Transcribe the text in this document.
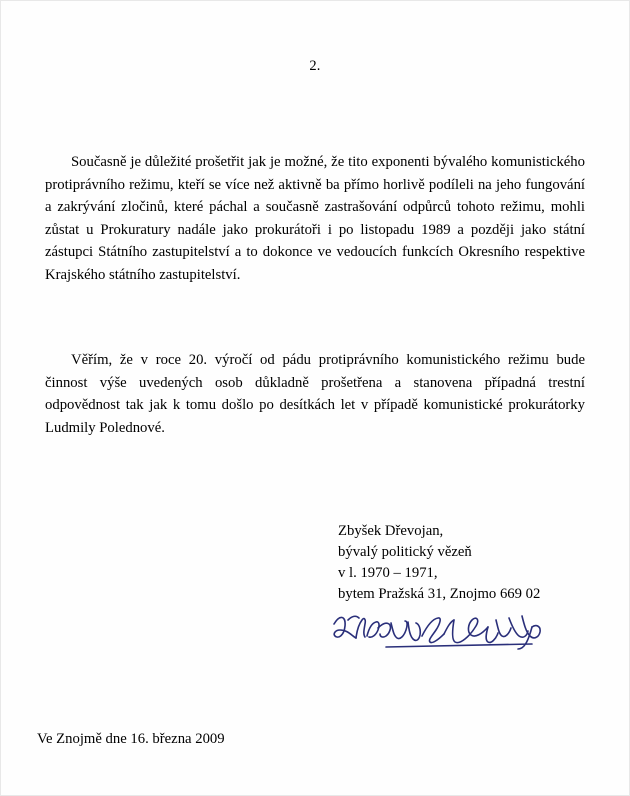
2.
Současně je důležité prošetřit jak je možné, že tito exponenti bývalého komunistického protiprávního režimu, kteří se více než aktivně ba přímo horlivě podíleli na jeho fungování a zakrývání zločinů, které páchal a současně zastrašování odpůrců tohoto režimu, mohli zůstat u Prokuratury nadále jako prokurátoři i po listopadu 1989 a později jako státní zástupci Státního zastupitelství a to dokonce ve vedoucích funkcích Okresního respektive Krajského státního zastupitelství.
Věřím, že v roce 20. výročí od pádu protiprávního komunistického režimu bude činnost výše uvedených osob důkladně prošetřena a stanovena případná trestní odpovědnost tak jak k tomu došlo po desítkách let v případě komunistické prokurátorky Ludmily Polednové.
Zbyšek Dřevojan,
bývalý politický vězeň
v l. 1970 – 1971,
bytem Pražská 31, Znojmo 669 02
Ve Znojmě dne 16. března 2009
